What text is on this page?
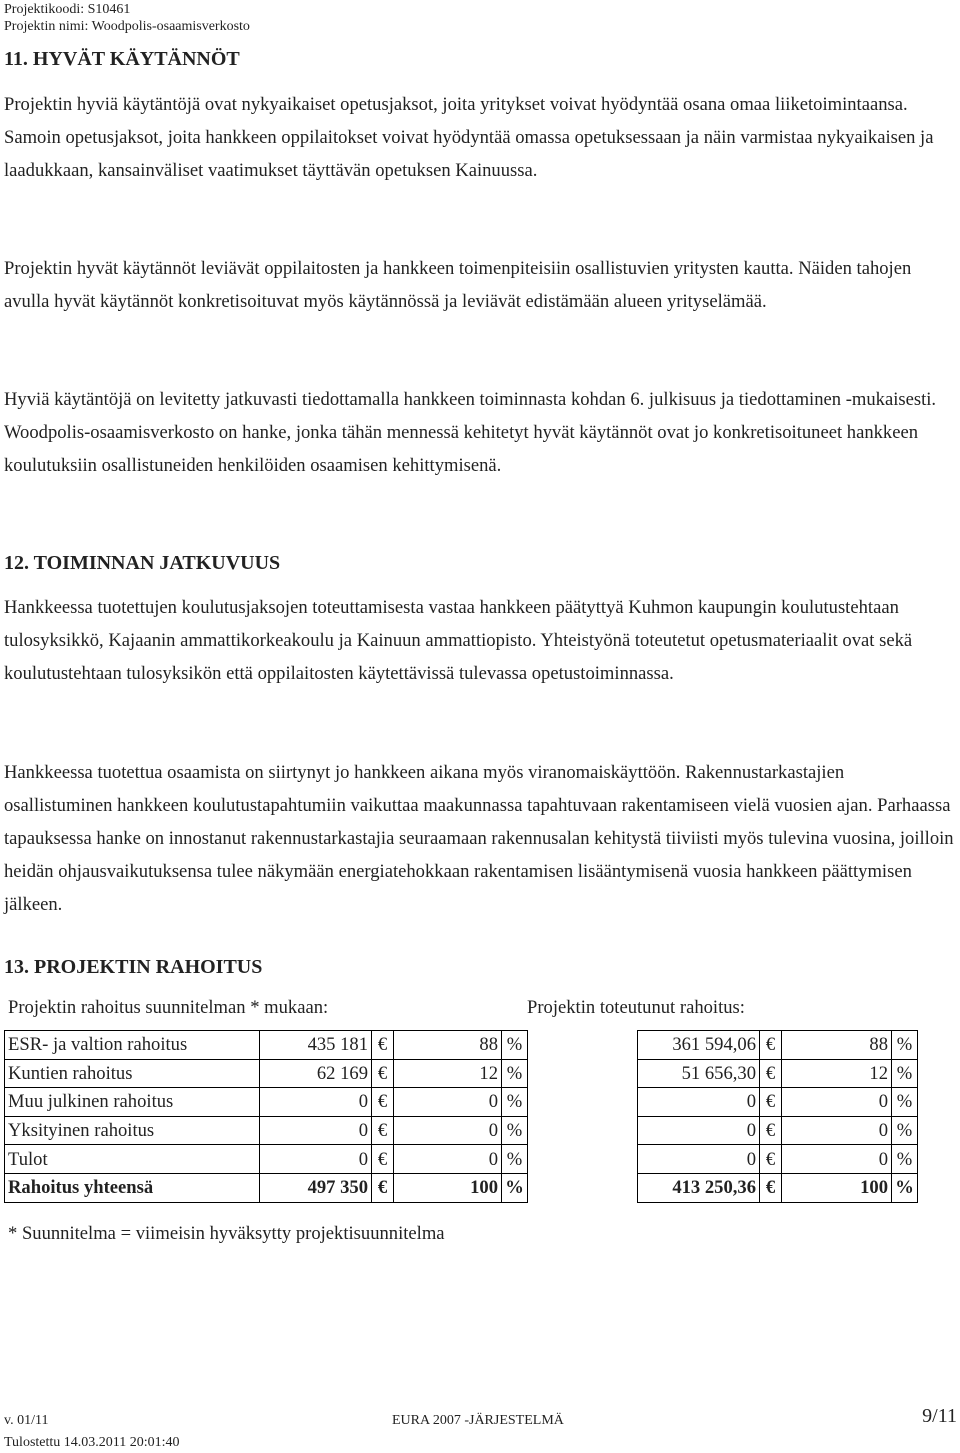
Projektikoodi: S10461
Projektin nimi: Woodpolis-osaamisverkosto
11. HYVÄT KÄYTÄNNÖT

Projektin hyviä käytäntöjä ovat nykyaikaiset opetusjaksot, joita yritykset voivat hyödyntää osana omaa liiketoimintaansa. Samoin opetusjaksot, joita hankkeen oppilaitokset voivat hyödyntää omassa opetuksessaan ja näin varmistaa nykyaikaisen ja laadukkaan, kansainväliset vaatimukset täyttävän opetuksen Kainuussa.

Projektin hyvät käytännöt leviävät oppilaitosten ja hankkeen toimenpiteisiin osallistuvien yritysten kautta. Näiden tahojen avulla hyvät käytännöt konkretisoituvat myös käytännössä ja leviävät edistämään alueen yrityselämää.

Hyviä käytäntöjä on levitetty jatkuvasti tiedottamalla hankkeen toiminnasta kohdan 6. julkisuus ja tiedottaminen -mukaisesti. Woodpolis-osaamisverkosto on hanke, jonka tähän mennessä kehitetyt hyvät käytännöt ovat jo konkretisoituneet hankkeen koulutuksiin osallistuneiden henkilöiden osaamisen kehittymisenä.

12. TOIMINNAN JATKUVUUS

Hankkeessa tuotettujen koulutusjaksojen toteuttamisesta vastaa hankkeen päätyttyä Kuhmon kaupungin koulutustehtaan tulosyksikkö, Kajaanin ammattikorkeakoulu ja Kainuun ammattiopisto. Yhteistyönä toteutetut opetusmateriaalit ovat sekä koulutustehtaan tulosyksikön että oppilaitosten käytettävissä tulevassa opetustoiminnassa.

Hankkeessa tuotettua osaamista on siirtynyt jo hankkeen aikana myös viranomaiskäyttöön. Rakennustarkastajien osallistuminen hankkeen koulutustapahtumiin vaikuttaa maakunnassa tapahtuvaan rakentamiseen vielä vuosien ajan. Parhaassa tapauksessa hanke on innostanut rakennustarkastajia seuraamaan rakennusalan kehitystä tiiviisti myös tulevina vuosina, joilloin heidän ohjausvaikutuksensa tulee näkymään energiatehokkaan rakentamisen lisääntymisenä vuosia hankkeen päättymisen jälkeen.

13. PROJEKTIN RAHOITUS
Projektin rahoitus suunnitelman * mukaan:	Projektin toteutunut rahoitus:
ESR- ja valtion rahoitus	435 181	€	88	%		361 594,06	€	88	%
Kuntien rahoitus	62 169	€	12	%		51 656,30	€	12	%
Muu julkinen rahoitus	0	€	0	%		0	€	0	%
Yksityinen rahoitus	0	€	0	%		0	€	0	%
Tulot	0	€	0	%		0	€	0	%
Rahoitus yhteensä	497 350	€	100	%		413 250,36	€	100	%
* Suunnitelma = viimeisin hyväksytty projektisuunnitelma
v. 01/11
Tulostettu 14.03.2011 20:01:40
EURA 2007 -JÄRJESTELMÄ	9/11
